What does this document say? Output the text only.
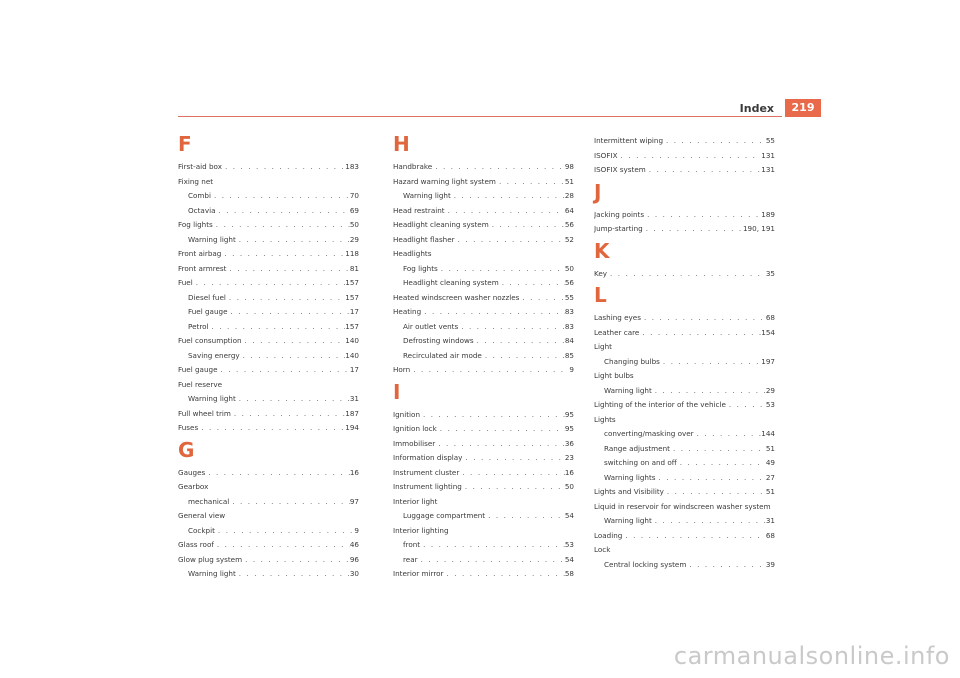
Index	219
F
First-aid box . . .	183
Fixing net
Combi . . .	70
Octavia . . .	69
Fog lights . . .	50
Warning light . . .	29
Front airbag . . .	118
Front armrest . . .	81
Fuel . . .	157
Diesel fuel . . .	157
Fuel gauge . . .	17
Petrol . . .	157
Fuel consumption . . .	140
Saving energy . . .	140
Fuel gauge . . .	17
Fuel reserve
Warning light . . .	31
Full wheel trim . . .	187
Fuses . . .	194
G
Gauges . . .	16
Gearbox
mechanical . . .	97
General view
Cockpit . . .	9
Glass roof . . .	46
Glow plug system . . .	96
Warning light . . .	30
H
Handbrake . . .	98
Hazard warning light system . . .	51
Warning light . . .	28
Head restraint . . .	64
Headlight cleaning system . . .	56
Headlight flasher . . .	52
Headlights
Fog lights . . .	50
Headlight cleaning system . . .	56
Heated windscreen washer nozzles . . .	55
Heating . . .	83
Air outlet vents . . .	83
Defrosting windows . . .	84
Recirculated air mode . . .	85
Horn . . .	9
I
Ignition . . .	95
Ignition lock . . .	95
Immobiliser . . .	36
Information display . . .	23
Instrument cluster . . .	16
Instrument lighting . . .	50
Interior light
Luggage compartment . . .	54
Interior lighting
front . . .	53
rear . . .	54
Interior mirror . . .	58
Intermittent wiping . . .	55
ISOFIX . . .	131
ISOFIX system . . .	131
J
Jacking points . . .	189
Jump-starting . . .	190, 191
K
Key . . .	35
L
Lashing eyes . . .	68
Leather care . . .	154
Light
Changing bulbs . . .	197
Light bulbs
Warning light . . .	29
Lighting of the interior of the vehicle . . .	53
Lights
converting/masking over . . .	144
Range adjustment . . .	51
switching on and off . . .	49
Warning lights . . .	27
Lights and Visibility . . .	51
Liquid in reservoir for windscreen washer system
Warning light . . .	31
Loading . . .	68
Lock
Central locking system . . .	39
carmanualsonline.info
